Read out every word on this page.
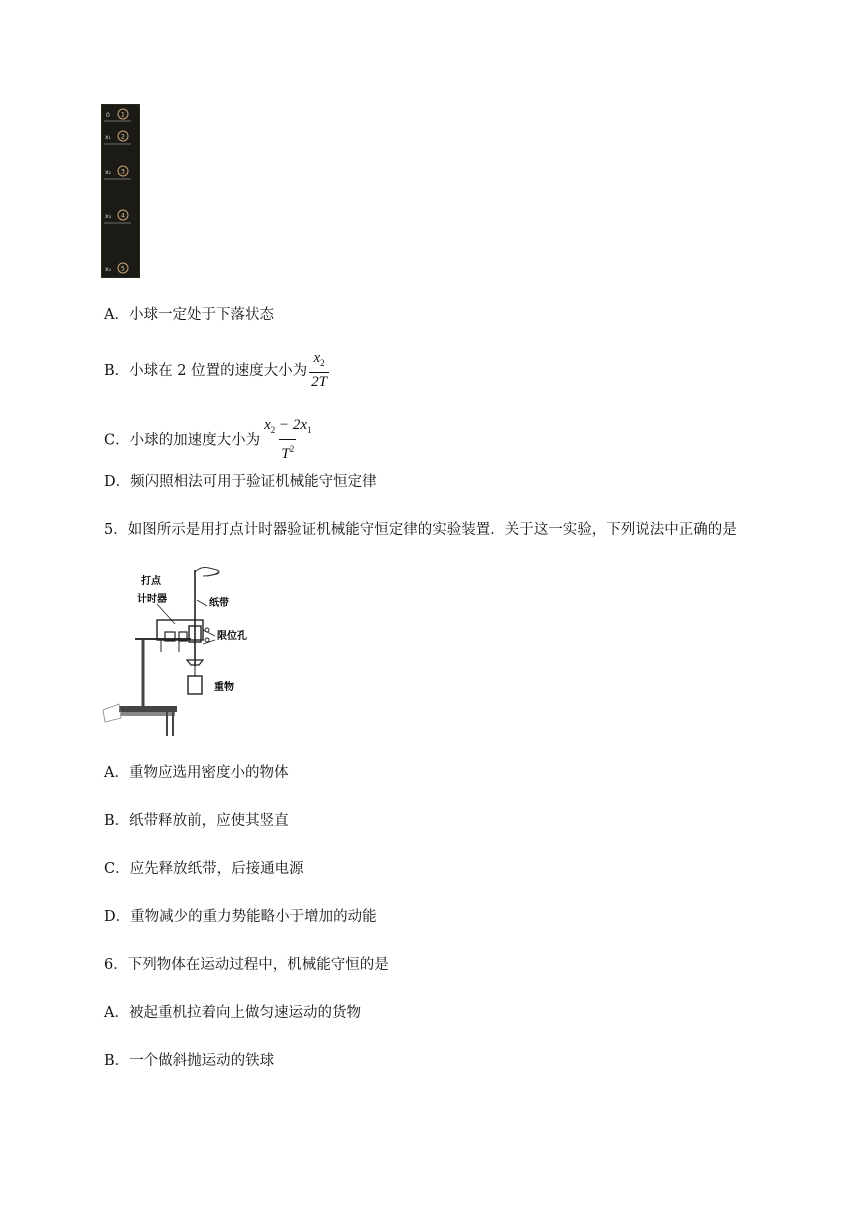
0 1
x₁ 2
x₂ 3
x₃ 4
x₄ 5
A．小球一定处于下落状态
B．小球在 2 位置的速度大小为 $\frac{x_2}{2T}$
C．小球的加速度大小为 $\frac{x_2 - 2x_1}{T^2}$
D．频闪照相法可用于验证机械能守恒定律
5．如图所示是用打点计时器验证机械能守恒定律的实验装置．关于这一实验，下列说法中正确的是
打点
计时器	纸带
限位孔
重物
A．重物应选用密度小的物体
B．纸带释放前，应使其竖直
C．应先释放纸带，后接通电源
D．重物减少的重力势能略小于增加的动能
6．下列物体在运动过程中，机械能守恒的是
A．被起重机拉着向上做匀速运动的货物
B．一个做斜抛运动的铁球
